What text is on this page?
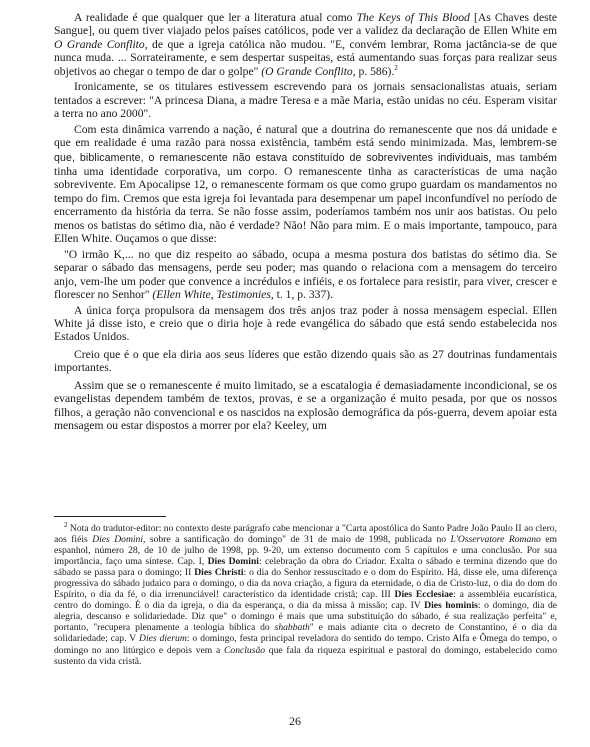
A realidade é que qualquer que ler a literatura atual como The Keys of This Blood [As Chaves deste Sangue], ou quem tiver viajado pelos países católicos, pode ver a validez da declaração de Ellen White em O Grande Conflito, de que a igreja católica não mudou. "E, convém lembrar, Roma jactância-se de que nunca muda. ... Sorrateiramente, e sem despertar suspeitas, está aumentando suas forças para realizar seus objetivos ao chegar o tempo de dar o golpe" (O Grande Conflito, p. 586).$^2$

Ironicamente, se os titulares estivessem escrevendo para os jornais sensacionalistas atuais, seriam tentados a escrever: "A princesa Diana, a madre Teresa e a mãe Maria, estão unidas no céu. Esperam visitar a terra no ano 2000".

Com esta dinâmica varrendo a nação, é natural que a doutrina do remanescente que nos dá unidade e que em realidade é uma razão para nossa existência, também está sendo minimizada. Mas, lembrem-se que, biblicamente, o remanescente não estava constituído de sobreviventes individuais, mas também tinha uma identidade corporativa, um corpo. O remanescente tinha as características de uma nação sobrevivente. Em Apocalipse 12, o remanescente formam os que como grupo guardam os mandamentos no tempo do fim. Cremos que esta igreja foi levantada para desempenar um papel inconfundível no período de encerramento da história da terra. Se não fosse assim, poderíamos também nos unir aos batistas. Ou pelo menos os batistas do sétimo dia, não é verdade? Não! Não para mim. E o mais importante, tampouco, para Ellen White. Ouçamos o que disse:

"O irmão K,... no que diz respeito ao sábado, ocupa a mesma postura dos batistas do sétimo dia. Se separar o sábado das mensagens, perde seu poder; mas quando o relaciona com a mensagem do terceiro anjo, vem-lhe um poder que convence a incrédulos e infiéis, e os fortalece para resistir, para viver, crescer e florescer no Senhor" (Ellen White, Testimonies, t. 1, p. 337).

A única força propulsora da mensagem dos três anjos traz poder à nossa mensagem especial. Ellen White já disse isto, e creio que o diria hoje à rede evangélica do sábado que está sendo estabelecida nos Estados Unidos.

Creio que é o que ela diria aos seus líderes que estão dizendo quais são as 27 doutrinas fundamentais importantes.

Assim que se o remanescente é muito limitado, se a escatalogia é demasiadamente incondicional, se os evangelistas dependem também de textos, provas, e se a organização é muito pesada, por que os nossos filhos, a geração não convencional e os nascidos na explosão demográfica da pós-guerra, devem apoiar esta mensagem ou estar dispostos a morrer por ela? Keeley, um

$^2$ Nota do tradutor-editor: no contexto deste parágrafo cabe mencionar a "Carta apostólica do Santo Padre João Paulo II ao clero, aos fiéis Dies Domini, sobre a santificação do domingo" de 31 de maio de 1998, publicada no L'Osservatore Romano em espanhol, número 28, de 10 de julho de 1998, pp. 9-20, um extenso documento com 5 capítulos e uma conclusão. Por sua importância, faço uma síntese. Cap. I, Dies Domini: celebração da obra do Criador. Exalta o sábado e termina dizendo que do sábado se passa para o domingo; II Dies Christi: o dia do Senhor ressuscitado e o dom do Espírito. Há, disse ele, uma diferença progressiva do sábado judaico para o domingo, o dia da nova criação, a figura da eternidade, o dia de Cristo-luz, o dia do dom do Espírito, o dia da fé, o dia irrenunciável! característico da identidade cristã; cap. III Dies Ecclesiae: a assembléia eucarística, centro do domingo. É o dia da igreja, o dia da esperança, o dia da missa à missão; cap. IV Dies hominis: o domingo, dia de alegria, descanso e solidariedade. Diz que" o domingo é mais que uma substituição do sábado, é sua realização perfeita" e, portanto, "recupera plenamente a teologia bíblica do shabbath" e mais adiante cita o decreto de Constantino, é o dia da solidariedade; cap. V Dies dierum: o domingo, festa principal reveladora do sentido do tempo. Cristo Alfa e Ômega do tempo, o domingo no ano litúrgico e depois vem a Conclusão que fala da riqueza espiritual e pastoral do domingo, estabelecido como sustento da vida cristã.

26
